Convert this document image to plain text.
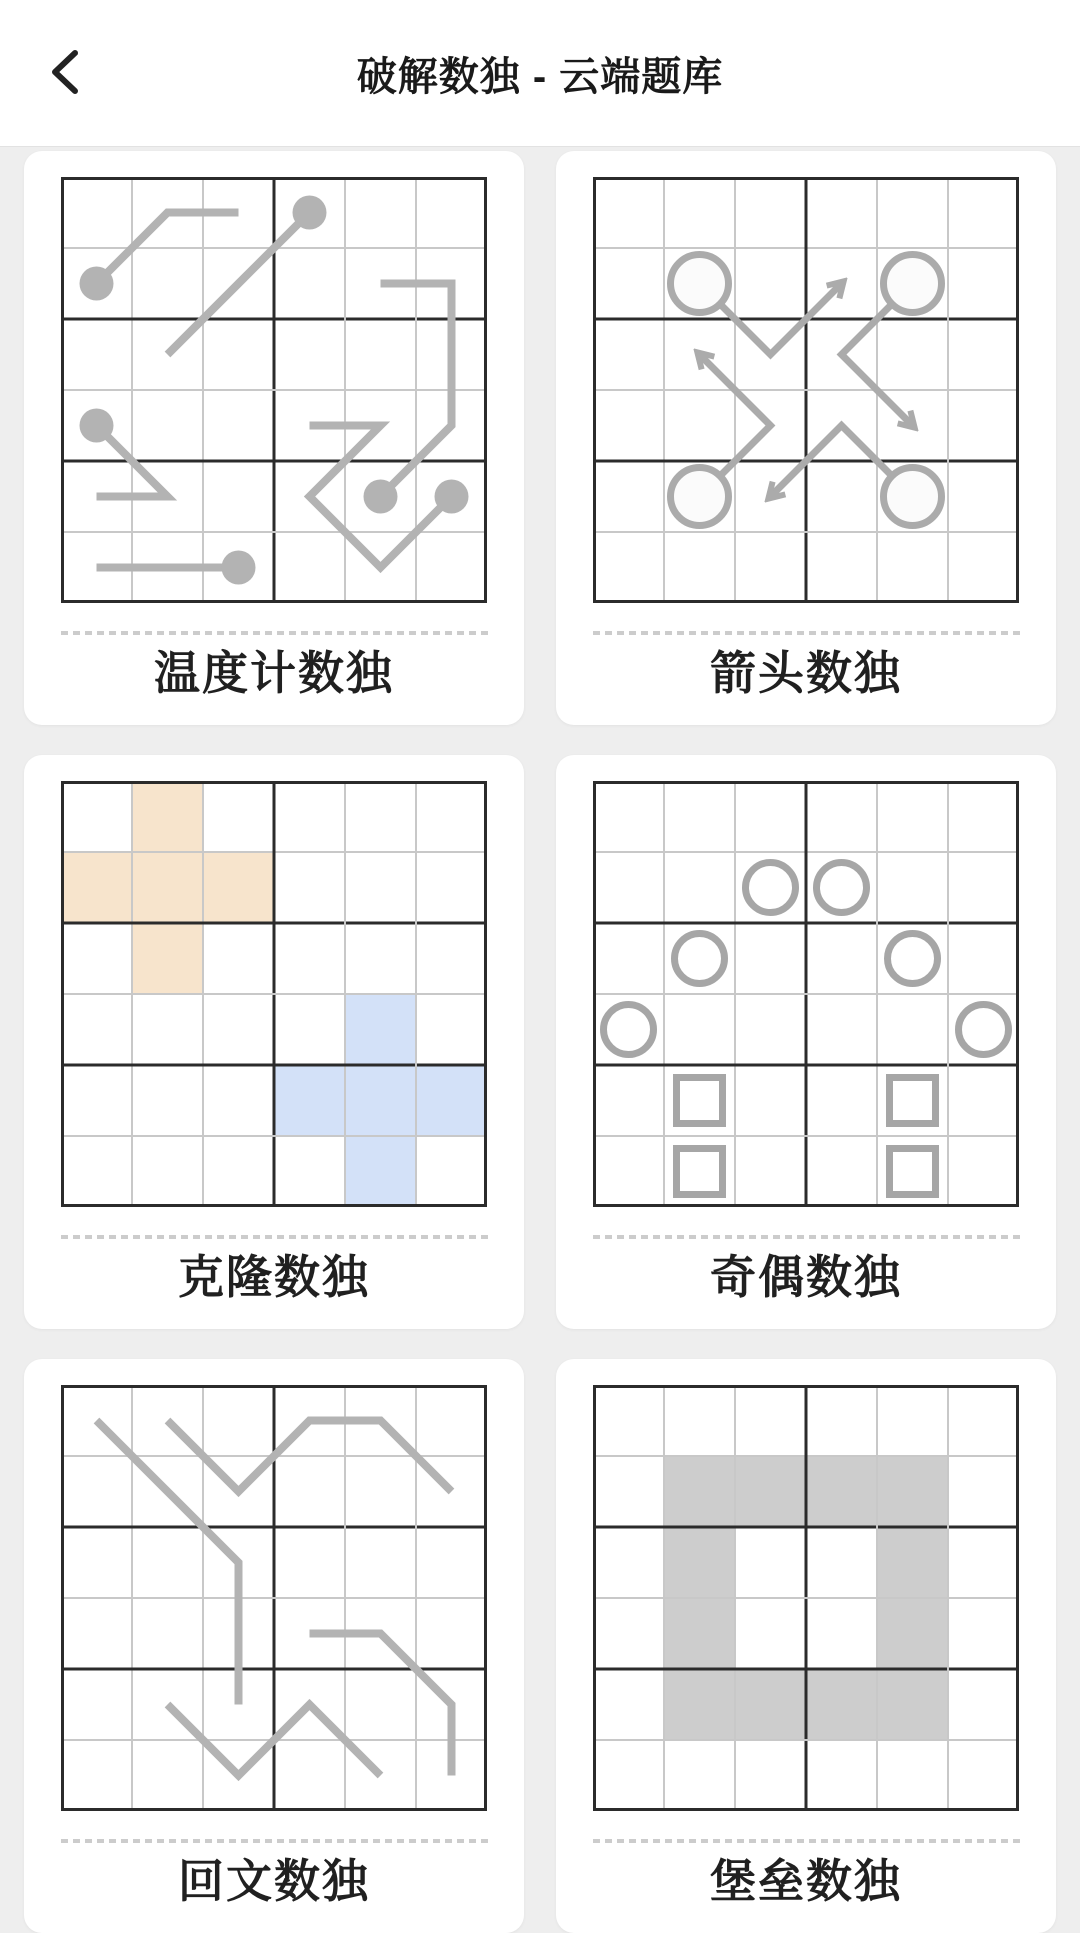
破解数独 - 云端题库
温度计数独	箭头数独
克隆数独	奇偶数独
回文数独	堡垒数独
